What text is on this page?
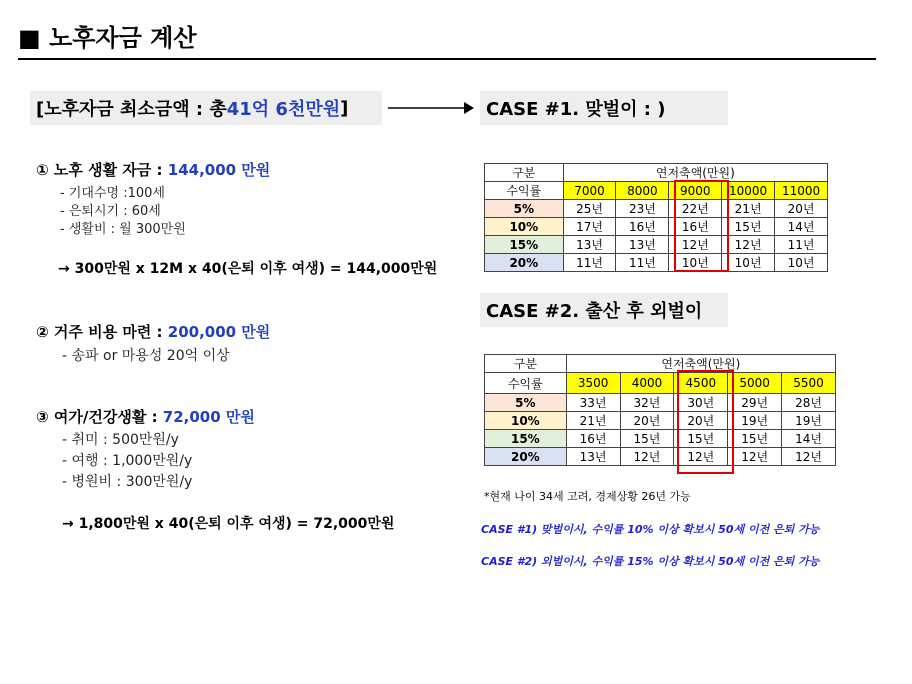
■ 노후자금 계산
[노후자금 최소금액 : 총 41억 6천만원 ]	CASE #1. 맞벌이 : )
CASE #2. 출산 후 외벌이
① 노후 생활 자금 : 144,000 만원
- 기대수명 :100세
- 은퇴시기 : 60세
- 생활비 : 월 300만원
→ 300만원 x 12M x 40(은퇴 이후 여생) = 144,000만원
② 거주 비용 마련 : 200,000 만원
- 송파 or 마용성 20억 이상
③ 여가/건강생활 : 72,000 만원
- 취미 : 500만원/y
- 여행 : 1,000만원/y
- 병원비 : 300만원/y
→ 1,800만원 x 40(은퇴 이후 여생) = 72,000만원
구분	연저축액(만원)				
수익률	7000	8000	9000	10000	11000
5%	25년	23년	22년	21년	20년
10%	17년	16년	16년	15년	14년
15%	13년	13년	12년	12년	11년
20%	11년	11년	10년	10년	10년
구분	연저축액(만원)				
수익률	3500	4000	4500	5000	5500
5%	33년	32년	30년	29년	28년
10%	21년	20년	20년	19년	19년
15%	16년	15년	15년	15년	14년
20%	13년	12년	12년	12년	12년
*현재 나이 34세 고려, 경제상황 26년 가능
CASE #1) 맞벌이시, 수익률 10% 이상 확보시 50세 이전 은퇴 가능
CASE #2) 외벌이시, 수익률 15% 이상 확보시 50세 이전 은퇴 가능
